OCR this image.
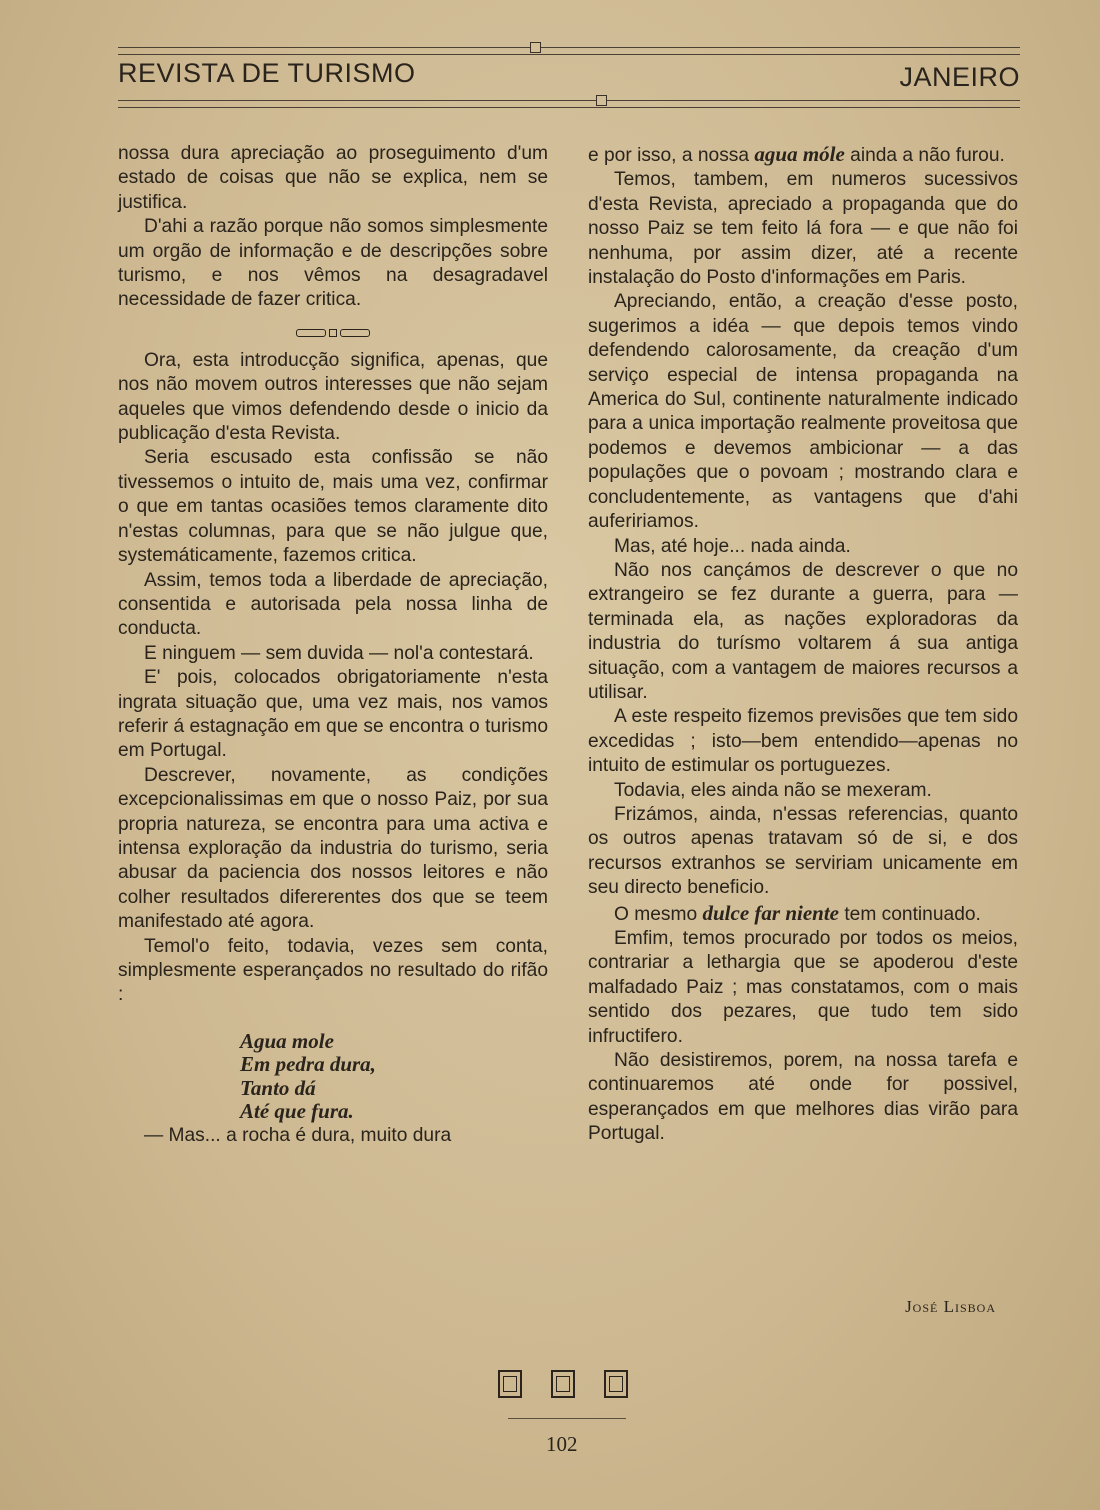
REVISTA DE TURISMO	JANEIRO

nossa dura apreciação ao proseguimento d'um estado de coisas que não se explica, nem se justifica.

D'ahi a razão porque não somos simplesmente um orgão de informação e de descripções sobre turismo, e nos vêmos na desagradavel necessidade de fazer critica.

Ora, esta introducção significa, apenas, que nos não movem outros interesses que não sejam aqueles que vimos defendendo desde o inicio da publicação d'esta Revista.

Seria escusado esta confissão se não tivessemos o intuito de, mais uma vez, confirmar o que em tantas ocasiões temos claramente dito n'estas columnas, para que se não julgue que, systemáticamente, fazemos critica.

Assim, temos toda a liberdade de apreciação, consentida e autorisada pela nossa linha de conducta.

E ninguem — sem duvida — nol'a contestará.

E' pois, colocados obrigatoriamente n'esta ingrata situação que, uma vez mais, nos vamos referir á estagnação em que se encontra o turismo em Portugal.

Descrever, novamente, as condições excepcionalissimas em que o nosso Paiz, por sua propria natureza, se encontra para uma activa e intensa exploração da industria do turismo, seria abusar da paciencia dos nossos leitores e não colher resultados difererentes dos que se teem manifestado até agora.

Temol'o feito, todavia, vezes sem conta, simplesmente esperançados no resultado do rifão :

Agua mole
Em pedra dura,
Tanto dá
Até que fura.

— Mas... a rocha é dura, muito dura

e por isso, a nossa agua móle ainda a não furou.

Temos, tambem, em numeros sucessivos d'esta Revista, apreciado a propaganda que do nosso Paiz se tem feito lá fora — e que não foi nenhuma, por assim dizer, até a recente instalação do Posto d'informações em Paris.

Apreciando, então, a creação d'esse posto, sugerimos a idéa — que depois temos vindo defendendo calorosamente, da creação d'um serviço especial de intensa propaganda na America do Sul, continente naturalmente indicado para a unica importação realmente proveitosa que podemos e devemos ambicionar — a das populações que o povoam ; mostrando clara e concludentemente, as vantagens que d'ahi aufeririamos.

Mas, até hoje... nada ainda.

Não nos cançámos de descrever o que no extrangeiro se fez durante a guerra, para — terminada ela, as nações exploradoras da industria do turísmo voltarem á sua antiga situação, com a vantagem de maiores recursos a utilisar.

A este respeito fizemos previsões que tem sido excedidas ; isto—bem entendido—apenas no intuito de estimular os portuguezes.

Todavia, eles ainda não se mexeram.

Frizámos, ainda, n'essas referencias, quanto os outros apenas tratavam só de si, e dos recursos extranhos se serviriam unicamente em seu directo beneficio.

O mesmo dulce far niente tem continuado.

Emfim, temos procurado por todos os meios, contrariar a lethargia que se apoderou d'este malfadado Paiz ; mas constatamos, com o mais sentido dos pezares, que tudo tem sido infructifero.

Não desistiremos, porem, na nossa tarefa e continuaremos até onde for possivel, esperançados em que melhores dias virão para Portugal.

José Lisboa
102
